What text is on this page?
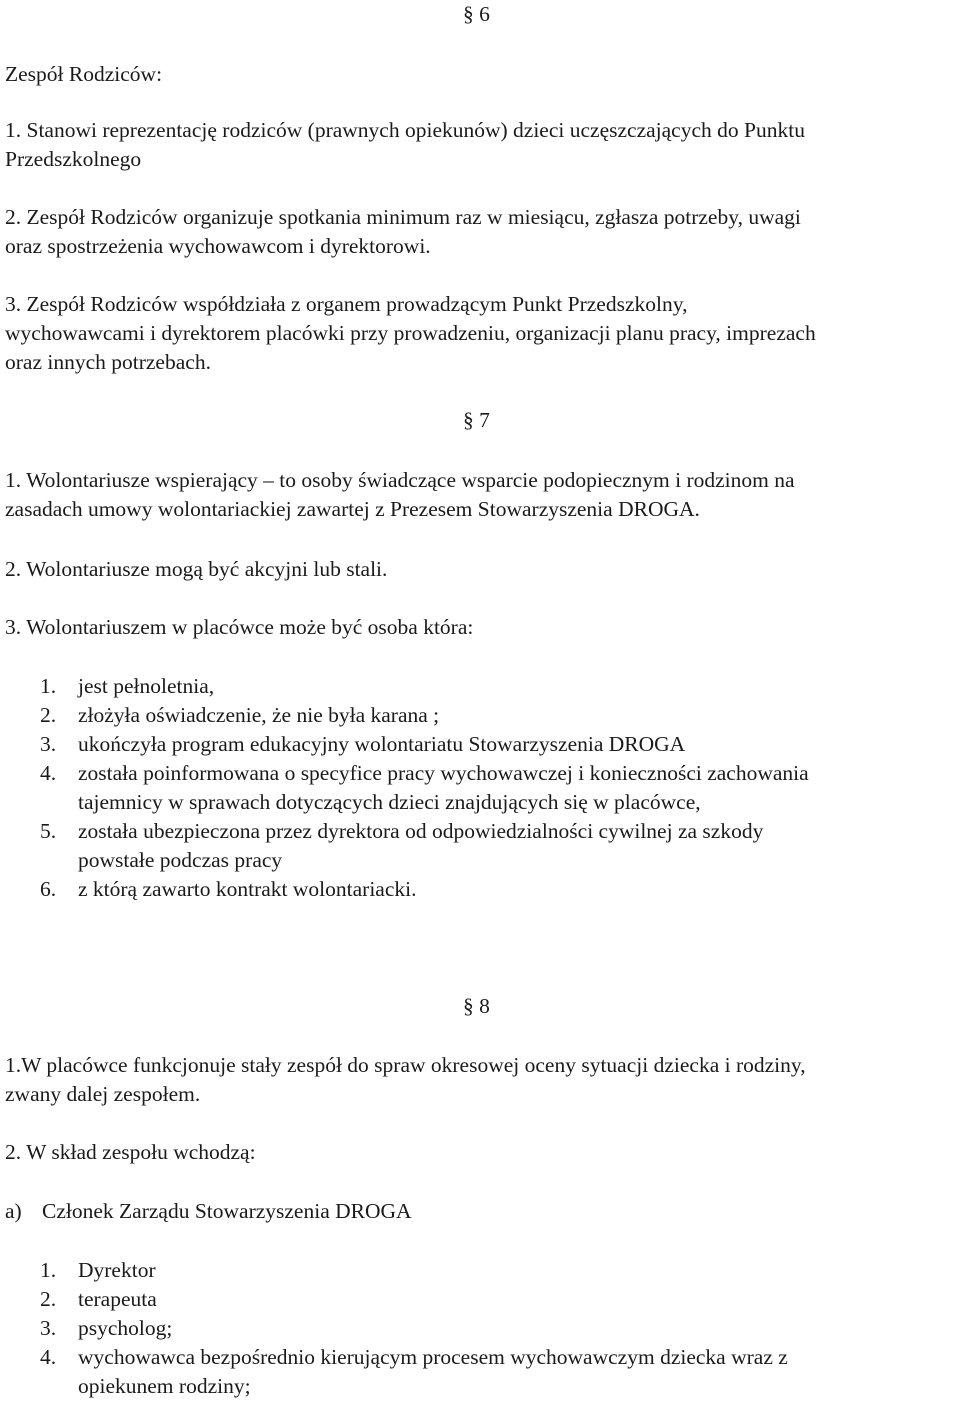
§ 6
Zespół Rodziców:
1. Stanowi reprezentację rodziców (prawnych opiekunów) dzieci uczęszczających do Punktu
Przedszkolnego
2. Zespół Rodziców organizuje spotkania minimum raz w miesiącu, zgłasza potrzeby, uwagi
oraz spostrzeżenia wychowawcom i dyrektorowi.
3. Zespół Rodziców współdziała z organem prowadzącym Punkt Przedszkolny,
wychowawcami i dyrektorem placówki przy prowadzeniu, organizacji planu pracy, imprezach
oraz innych potrzebach.
§ 7
1. Wolontariusze wspierający – to osoby świadczące wsparcie podopiecznym i rodzinom na
zasadach umowy wolontariackiej zawartej z Prezesem Stowarzyszenia DROGA.
2. Wolontariusze mogą być akcyjni lub stali.
3. Wolontariuszem w placówce może być osoba która:
1. jest pełnoletnia,
2. złożyła oświadczenie, że nie była karana ;
3. ukończyła program edukacyjny wolontariatu Stowarzyszenia DROGA
4. została poinformowana o specyfice pracy wychowawczej i konieczności zachowania
tajemnicy w sprawach dotyczących dzieci znajdujących się w placówce,
5. została ubezpieczona przez dyrektora od odpowiedzialności cywilnej za szkody
powstałe podczas pracy
6. z którą zawarto kontrakt wolontariacki.
§ 8
1.W placówce funkcjonuje stały zespół do spraw okresowej oceny sytuacji dziecka i rodziny,
zwany dalej zespołem.
2. W skład zespołu wchodzą:
a) Członek Zarządu Stowarzyszenia DROGA
1. Dyrektor
2. terapeuta
3. psycholog;
4. wychowawca bezpośrednio kierującym procesem wychowawczym dziecka wraz z
opiekunem rodziny;
